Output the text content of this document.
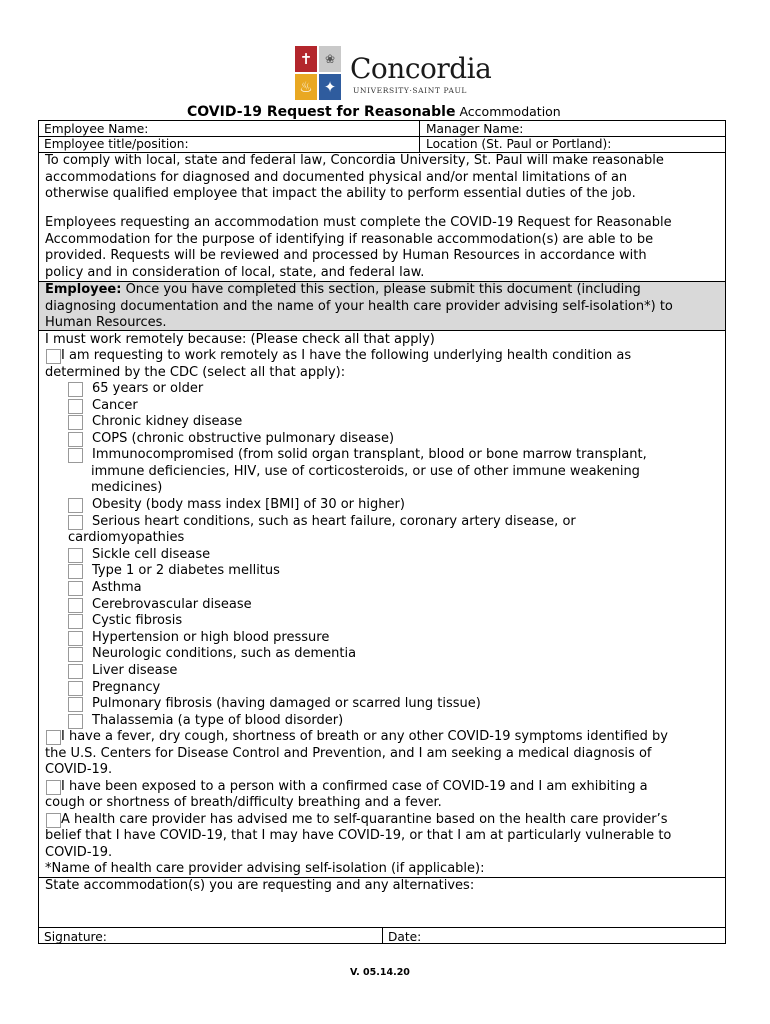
✝	❀
♨ ✦
Concordia
UNIVERSITY·SAINT PAUL
COVID-19 Request for Reasonable Accommodation
Employee Name:	Manager Name:
Employee title/position:	Location (St. Paul or Portland):
To comply with local, state and federal law, Concordia University, St. Paul will make reasonable
accommodations for diagnosed and documented physical and/or mental limitations of an
otherwise qualified employee that impact the ability to perform essential duties of the job.
Employees requesting an accommodation must complete the COVID-19 Request for Reasonable
Accommodation for the purpose of identifying if reasonable accommodation(s) are able to be
provided. Requests will be reviewed and processed by Human Resources in accordance with
policy and in consideration of local, state, and federal law.
Employee: Once you have completed this section, please submit this document (including
diagnosing documentation and the name of your health care provider advising self-isolation*) to
Human Resources.
I must work remotely because: (Please check all that apply)
I am requesting to work remotely as I have the following underlying health condition as
determined by the CDC (select all that apply):
65 years or older
Cancer
Chronic kidney disease
COPS (chronic obstructive pulmonary disease)
Immunocompromised (from solid organ transplant, blood or bone marrow transplant,
immune deficiencies, HIV, use of corticosteroids, or use of other immune weakening
medicines)
Obesity (body mass index [BMI] of 30 or higher)
Serious heart conditions, such as heart failure, coronary artery disease, or
cardiomyopathies
Sickle cell disease
Type 1 or 2 diabetes mellitus
Asthma
Cerebrovascular disease
Cystic fibrosis
Hypertension or high blood pressure
Neurologic conditions, such as dementia
Liver disease
Pregnancy
Pulmonary fibrosis (having damaged or scarred lung tissue)
Thalassemia (a type of blood disorder)
I have a fever, dry cough, shortness of breath or any other COVID-19 symptoms identified by
the U.S. Centers for Disease Control and Prevention, and I am seeking a medical diagnosis of
COVID-19.
I have been exposed to a person with a confirmed case of COVID-19 and I am exhibiting a
cough or shortness of breath/difficulty breathing and a fever.
A health care provider has advised me to self-quarantine based on the health care provider’s
belief that I have COVID-19, that I may have COVID-19, or that I am at particularly vulnerable to
COVID-19.
*Name of health care provider advising self-isolation (if applicable):
State accommodation(s) you are requesting and any alternatives:
Signature:	Date:
V. 05.14.20
